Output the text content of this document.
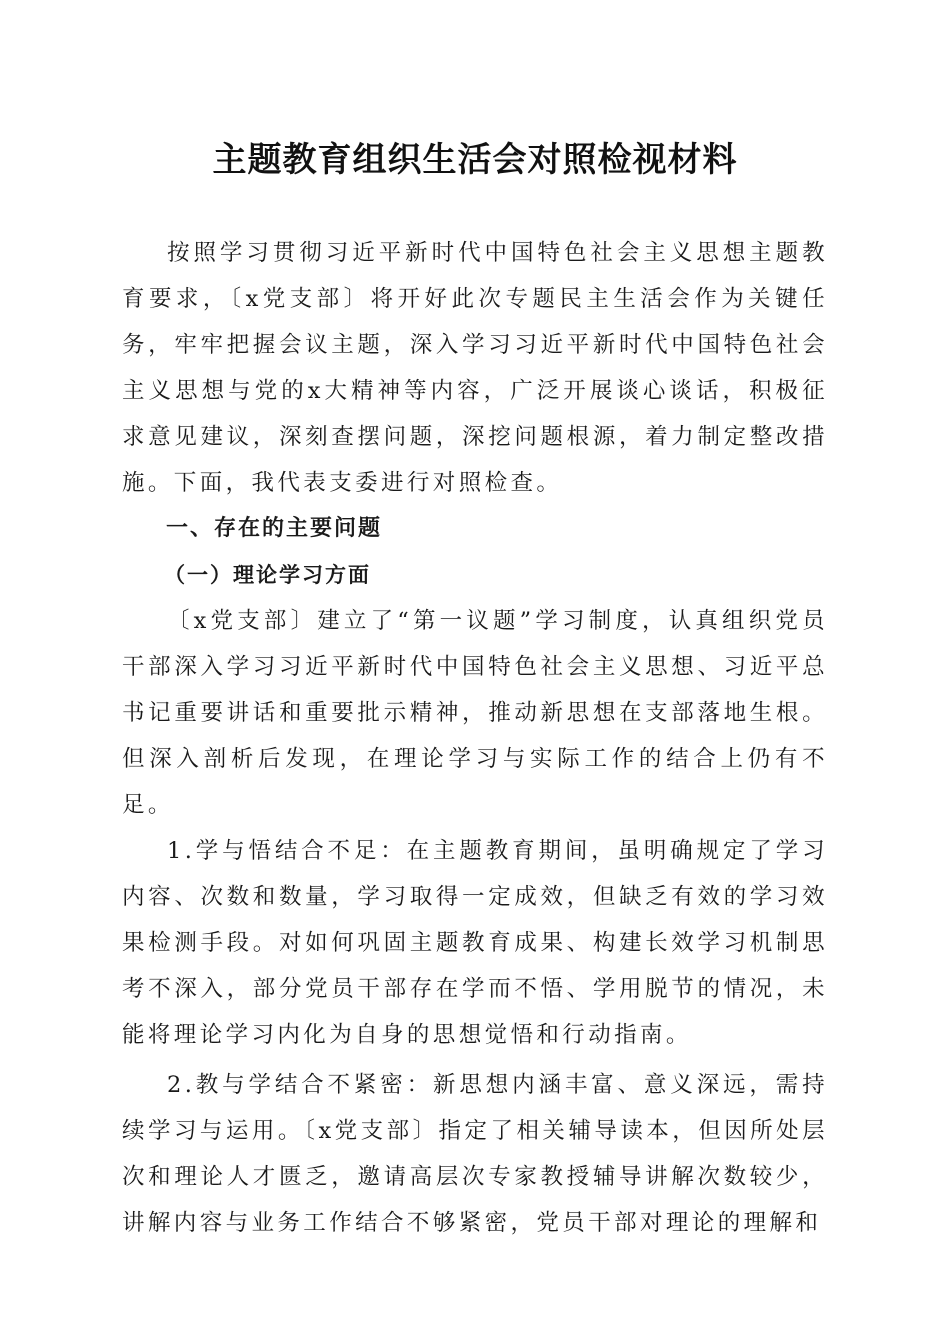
主题教育组织生活会对照检视材料

按照学习贯彻习近平新时代中国特色社会主义思想主题教育要求，〔x党支部〕将开好此次专题民主生活会作为关键任务，牢牢把握会议主题，深入学习习近平新时代中国特色社会主义思想与党的x大精神等内容，广泛开展谈心谈话，积极征求意见建议，深刻查摆问题，深挖问题根源，着力制定整改措施。下面，我代表支委进行对照检查。

一、存在的主要问题

（一）理论学习方面

〔x党支部〕建立了“第一议题”学习制度，认真组织党员干部深入学习习近平新时代中国特色社会主义思想、习近平总书记重要讲话和重要批示精神，推动新思想在支部落地生根。但深入剖析后发现，在理论学习与实际工作的结合上仍有不足。

1.学与悟结合不足：在主题教育期间，虽明确规定了学习内容、次数和数量，学习取得一定成效，但缺乏有效的学习效果检测手段。对如何巩固主题教育成果、构建长效学习机制思考不深入，部分党员干部存在学而不悟、学用脱节的情况，未能将理论学习内化为自身的思想觉悟和行动指南。

2.教与学结合不紧密：新思想内涵丰富、意义深远，需持续学习与运用。〔x党支部〕指定了相关辅导读本，但因所处层次和理论人才匮乏，邀请高层次专家教授辅导讲解次数较少，讲解内容与业务工作结合不够紧密，党员干部对理论的理解和
